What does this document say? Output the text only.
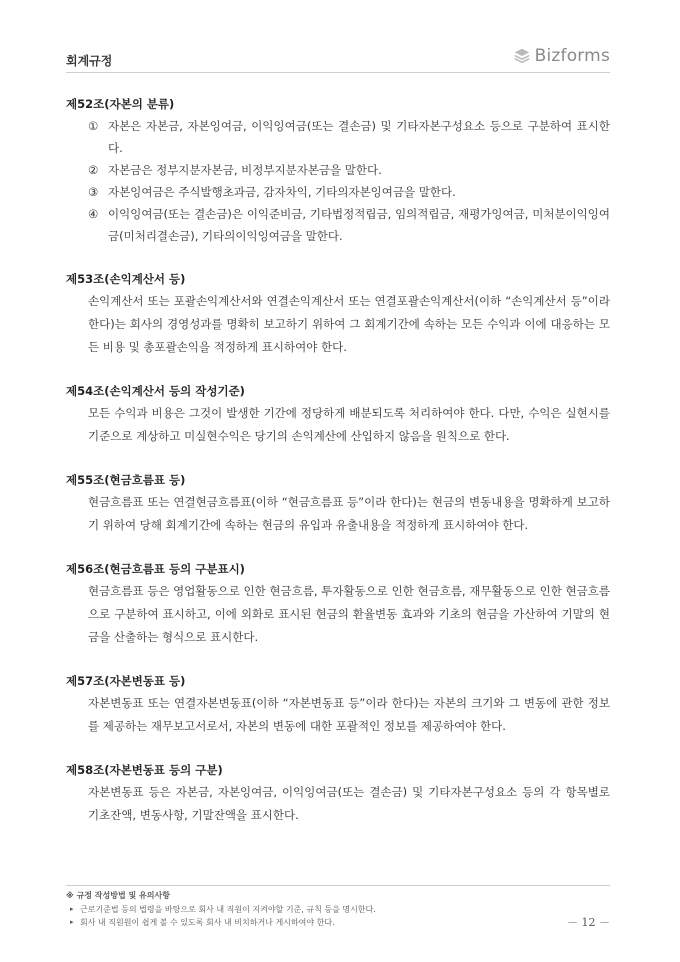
회계규정	Bizforms
제52조(자본의 분류)
① 자본은 자본금, 자본잉여금, 이익잉여금(또는 결손금) 및 기타자본구성요소 등으로 구분하여 표시한다.
② 자본금은 정부지분자본금, 비정부지분자본금을 말한다.
③ 자본잉여금은 주식발행초과금, 감자차익, 기타의자본잉여금을 말한다.
④ 이익잉여금(또는 결손금)은 이익준비금, 기타법정적립금, 임의적립금, 재평가잉여금, 미처분이익잉여금(미처리결손금), 기타의이익잉여금을 말한다.
제53조(손익계산서 등)
손익계산서 또는 포괄손익계산서와 연결손익계산서 또는 연결포괄손익계산서(이하 “손익계산서 등”이라 한다)는 회사의 경영성과를 명확히 보고하기 위하여 그 회계기간에 속하는 모든 수익과 이에 대응하는 모든 비용 및 총포괄손익을 적정하게 표시하여야 한다.
제54조(손익계산서 등의 작성기준)
모든 수익과 비용은 그것이 발생한 기간에 정당하게 배분되도록 처리하여야 한다. 다만, 수익은 실현시를 기준으로 계상하고 미실현수익은 당기의 손익계산에 산입하지 않음을 원칙으로 한다.
제55조(현금흐름표 등)
현금흐름표 또는 연결현금흐름표(이하 “현금흐름표 등”이라 한다)는 현금의 변동내용을 명확하게 보고하기 위하여 당해 회계기간에 속하는 현금의 유입과 유출내용을 적정하게 표시하여야 한다.
제56조(현금흐름표 등의 구분표시)
현금흐름표 등은 영업활동으로 인한 현금흐름, 투자활동으로 인한 현금흐름, 재무활동으로 인한 현금흐름으로 구분하여 표시하고, 이에 외화로 표시된 현금의 환율변동 효과와 기초의 현금을 가산하여 기말의 현금을 산출하는 형식으로 표시한다.
제57조(자본변동표 등)
자본변동표 또는 연결자본변동표(이하 “자본변동표 등”이라 한다)는 자본의 크기와 그 변동에 관한 정보를 제공하는 재무보고서로서, 자본의 변동에 대한 포괄적인 정보를 제공하여야 한다.
제58조(자본변동표 등의 구분)
자본변동표 등은 자본금, 자본잉여금, 이익잉여금(또는 결손금) 및 기타자본구성요소 등의 각 항목별로 기초잔액, 변동사항, 기말잔액을 표시한다.
※ 규정 작성방법 및 유의사항
▸ 근로기준법 등의 법령을 바탕으로 회사 내 직원이 지켜야할 기준, 규칙 등을 명시한다.
▸ 회사 내 직원원이 쉽게 볼 수 있도록 회사 내 비치하거나 게시하여야 한다.	－ 12 －
